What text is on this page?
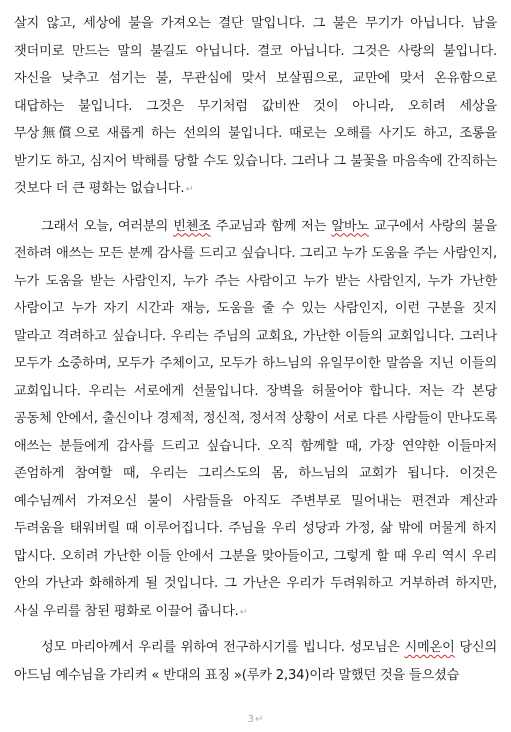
살지 않고, 세상에 불을 가져오는 결단 말입니다. 그 불은 무기가 아닙니다. 남을 잿더미로 만드는 말의 불길도 아닙니다. 결코 아닙니다. 그것은 사랑의 불입니다. 자신을 낮추고 섬기는 불, 무관심에 맞서 보살핌으로, 교만에 맞서 온유함으로 대답하는 불입니다. 그것은 무기처럼 값비싼 것이 아니라, 오히려 세상을 무상無償으로 새롭게 하는 선의의 불입니다. 때로는 오해를 사기도 하고, 조롱을 받기도 하고, 심지어 박해를 당할 수도 있습니다. 그러나 그 불꽃을 마음속에 간직하는 것보다 더 큰 평화는 없습니다.↵

그래서 오늘, 여러분의 빈첸조 주교님과 함께 저는 알바노 교구에서 사랑의 불을 전하려 애쓰는 모든 분께 감사를 드리고 싶습니다. 그리고 누가 도움을 주는 사람인지, 누가 도움을 받는 사람인지, 누가 주는 사람이고 누가 받는 사람인지, 누가 가난한 사람이고 누가 자기 시간과 재능, 도움을 줄 수 있는 사람인지, 이런 구분을 짓지 말라고 격려하고 싶습니다. 우리는 주님의 교회요, 가난한 이들의 교회입니다. 그러나 모두가 소중하며, 모두가 주체이고, 모두가 하느님의 유일무이한 말씀을 지닌 이들의 교회입니다. 우리는 서로에게 선물입니다. 장벽을 허물어야 합니다. 저는 각 본당 공동체 안에서, 출신이나 경제적, 정신적, 정서적 상황이 서로 다른 사람들이 만나도록 애쓰는 분들에게 감사를 드리고 싶습니다. 오직 함께할 때, 가장 연약한 이들마저 존엄하게 참여할 때, 우리는 그리스도의 몸, 하느님의 교회가 됩니다. 이것은 예수님께서 가져오신 불이 사람들을 아직도 주변부로 밀어내는 편견과 계산과 두려움을 태워버릴 때 이루어집니다. 주님을 우리 성당과 가정, 삶 밖에 머물게 하지 맙시다. 오히려 가난한 이들 안에서 그분을 맞아들이고, 그렇게 할 때 우리 역시 우리 안의 가난과 화해하게 될 것입니다. 그 가난은 우리가 두려워하고 거부하려 하지만, 사실 우리를 참된 평화로 이끌어 줍니다.↵

성모 마리아께서 우리를 위하여 전구하시기를 빕니다. 성모님은 시메온이 당신의 아드님 예수님을 가리켜 « 반대의 표징 »(루카 2,34)이라 말했던 것을 들으셨습

3↵
